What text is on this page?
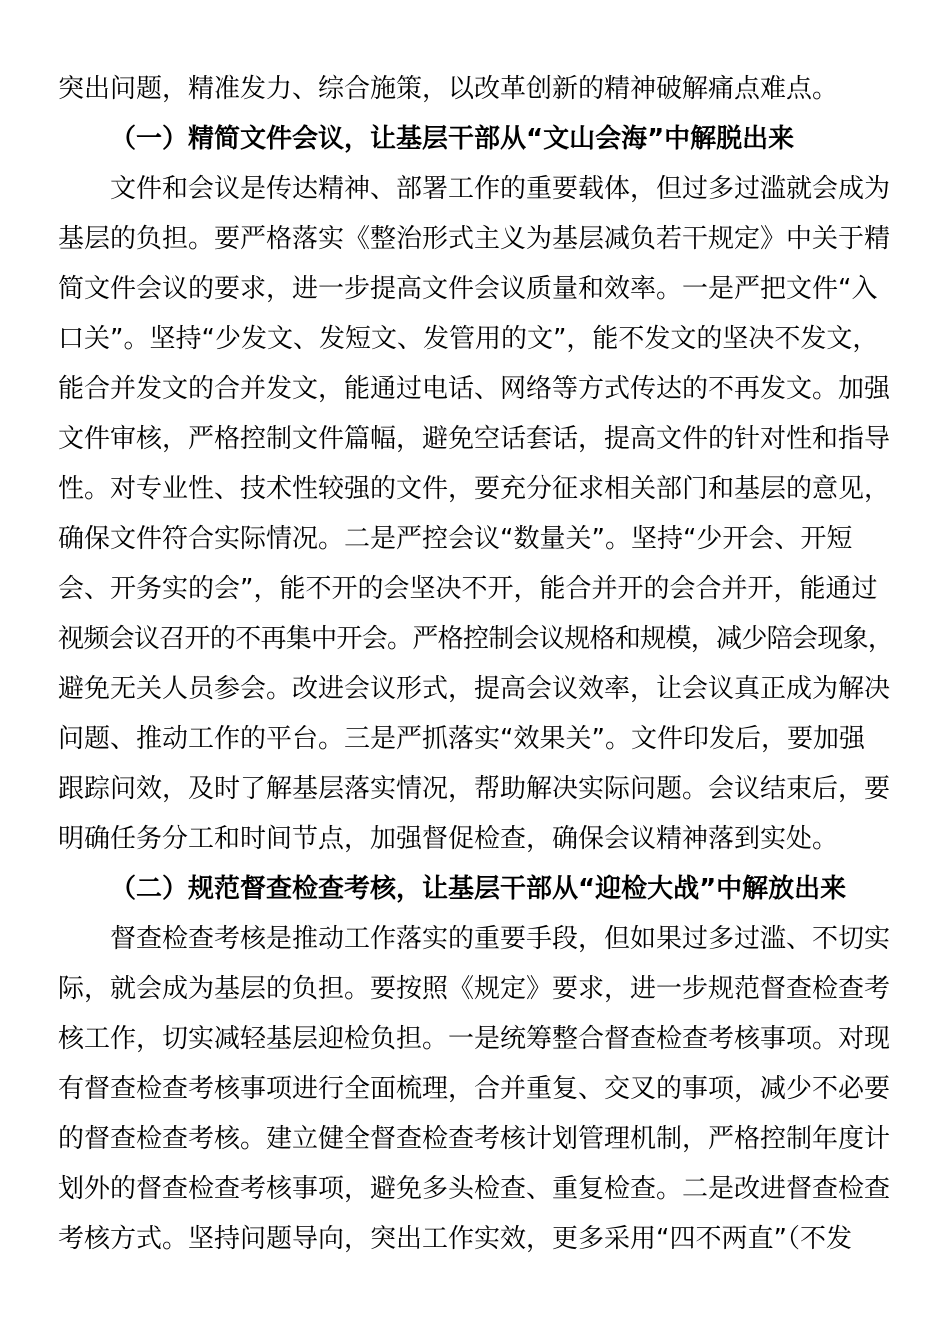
突出问题，精准发力、综合施策，以改革创新的精神破解痛点难点。
（一）精简文件会议，让基层干部从“文山会海”中解脱出来
文件和会议是传达精神、部署工作的重要载体，但过多过滥就会成为
基层的负担。要严格落实《整治形式主义为基层减负若干规定》中关于精
简文件会议的要求，进一步提高文件会议质量和效率。一是严把文件“入
口关”。坚持“少发文、发短文、发管用的文”，能不发文的坚决不发文，
能合并发文的合并发文，能通过电话、网络等方式传达的不再发文。加强
文件审核，严格控制文件篇幅，避免空话套话，提高文件的针对性和指导
性。对专业性、技术性较强的文件，要充分征求相关部门和基层的意见，
确保文件符合实际情况。二是严控会议“数量关”。坚持“少开会、开短
会、开务实的会”，能不开的会坚决不开，能合并开的会合并开，能通过
视频会议召开的不再集中开会。严格控制会议规格和规模，减少陪会现象，
避免无关人员参会。改进会议形式，提高会议效率，让会议真正成为解决
问题、推动工作的平台。三是严抓落实“效果关”。文件印发后，要加强
跟踪问效，及时了解基层落实情况，帮助解决实际问题。会议结束后，要
明确任务分工和时间节点，加强督促检查，确保会议精神落到实处。
（二）规范督查检查考核，让基层干部从“迎检大战”中解放出来
督查检查考核是推动工作落实的重要手段，但如果过多过滥、不切实
际，就会成为基层的负担。要按照《规定》要求，进一步规范督查检查考
核工作，切实减轻基层迎检负担。一是统筹整合督查检查考核事项。对现
有督查检查考核事项进行全面梳理，合并重复、交叉的事项，减少不必要
的督查检查考核。建立健全督查检查考核计划管理机制，严格控制年度计
划外的督查检查考核事项，避免多头检查、重复检查。二是改进督查检查
考核方式。坚持问题导向，突出工作实效，更多采用“四不两直”（不发
